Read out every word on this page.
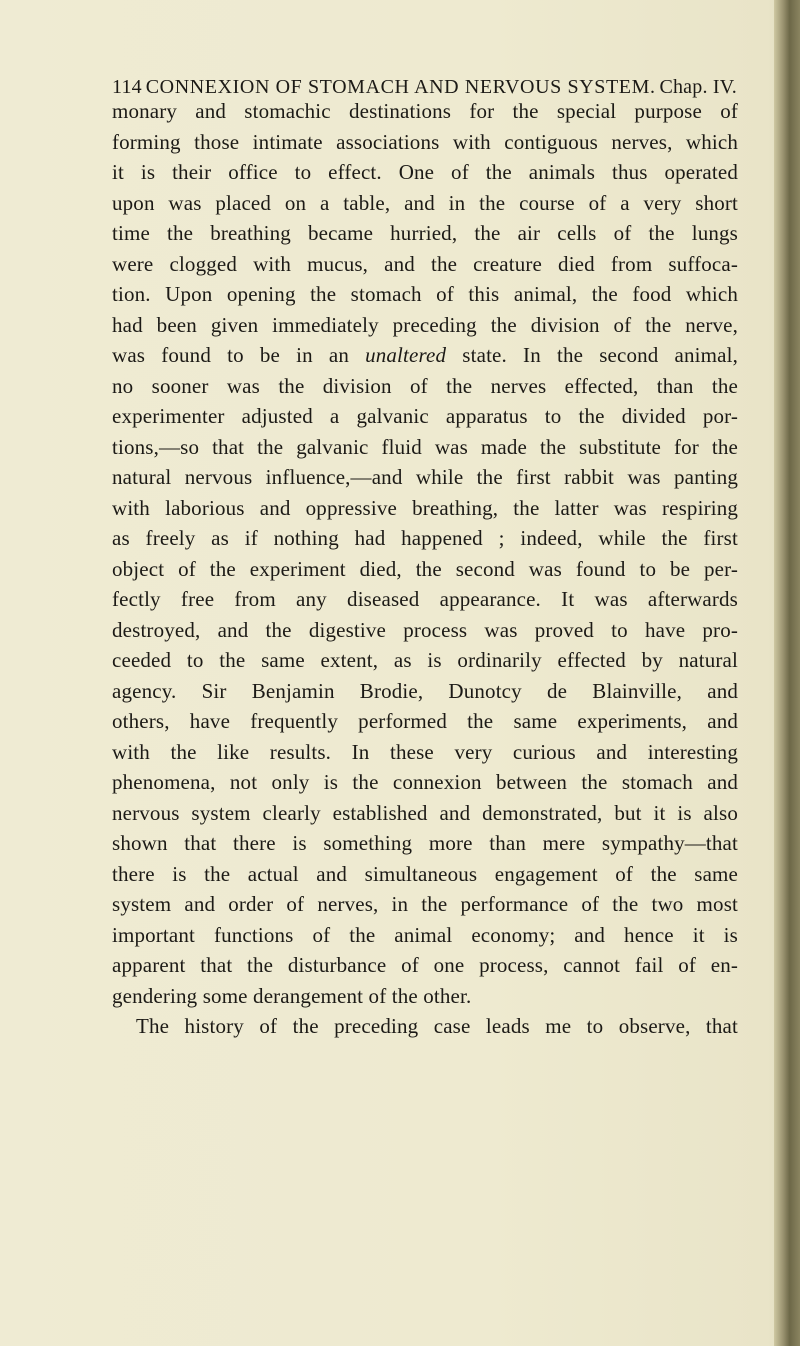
114 CONNEXION OF STOMACH AND NERVOUS SYSTEM. Chap. IV.
monary and stomachic destinations for the special purpose of
forming those intimate associations with contiguous nerves, which
it is their office to effect. One of the animals thus operated
upon was placed on a table, and in the course of a very short
time the breathing became hurried, the air cells of the lungs
were clogged with mucus, and the creature died from suffoca-
tion. Upon opening the stomach of this animal, the food which
had been given immediately preceding the division of the nerve,
was found to be in an unaltered state. In the second animal,
no sooner was the division of the nerves effected, than the
experimenter adjusted a galvanic apparatus to the divided por-
tions,—so that the galvanic fluid was made the substitute for the
natural nervous influence,—and while the first rabbit was panting
with laborious and oppressive breathing, the latter was respiring
as freely as if nothing had happened ; indeed, while the first
object of the experiment died, the second was found to be per-
fectly free from any diseased appearance. It was afterwards
destroyed, and the digestive process was proved to have pro-
ceeded to the same extent, as is ordinarily effected by natural
agency. Sir Benjamin Brodie, Dunotcy de Blainville, and
others, have frequently performed the same experiments, and
with the like results. In these very curious and interesting
phenomena, not only is the connexion between the stomach and
nervous system clearly established and demonstrated, but it is also
shown that there is something more than mere sympathy—that
there is the actual and simultaneous engagement of the same
system and order of nerves, in the performance of the two most
important functions of the animal economy; and hence it is
apparent that the disturbance of one process, cannot fail of en-
gendering some derangement of the other.
The history of the preceding case leads me to observe, that
